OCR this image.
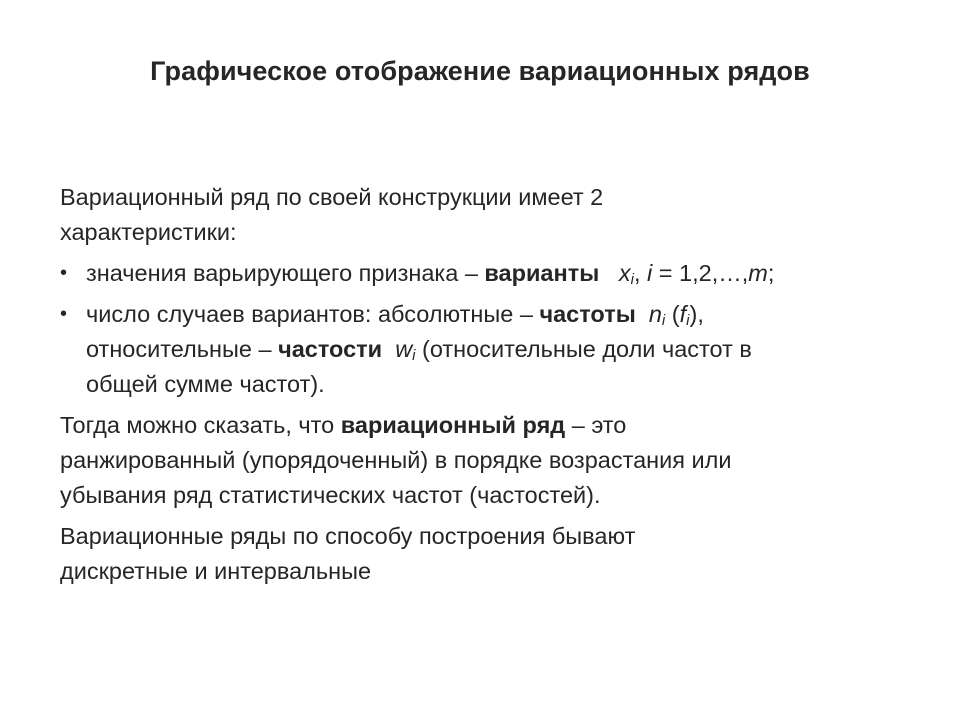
Графическое отображение вариационных рядов
Вариационный ряд по своей конструкции имеет 2
характеристики:
• значения варьирующего признака – варианты $x_i$, i = 1,2,…,m;
• число случаев вариантов: абсолютные – частоты $n_i$ $(f_i)$,
относительные – частости $w_i$ (относительные доли частот в
общей сумме частот).
Тогда можно сказать, что вариационный ряд – это
ранжированный (упорядоченный) в порядке возрастания или
убывания ряд статистических частот (частостей).
Вариационные ряды по способу построения бывают
дискретные и интервальные
